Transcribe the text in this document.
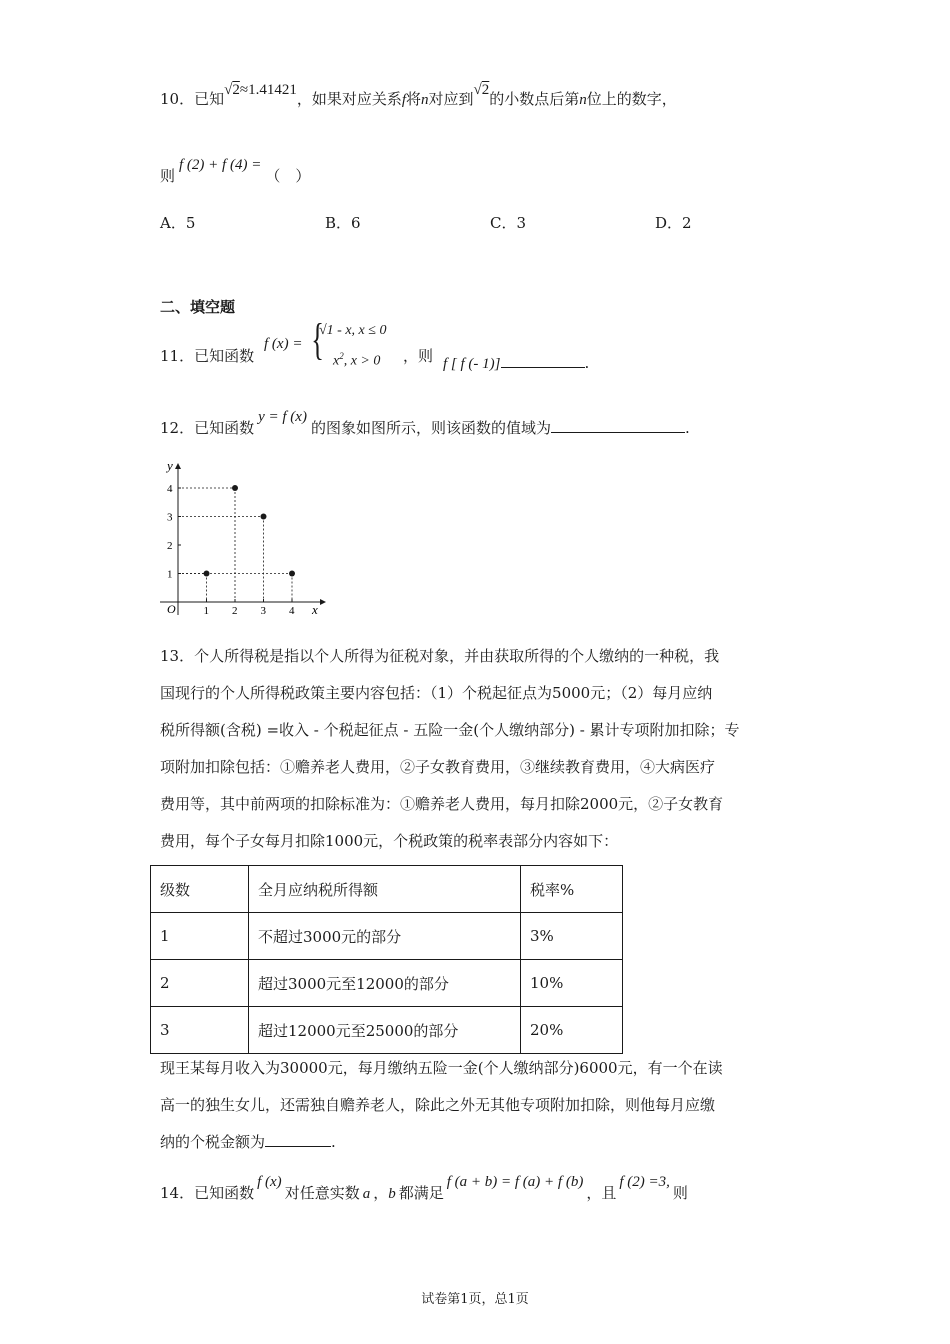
10．已知√2≈1.41421，如果对应关系f将n对应到√2的小数点后第n位上的数字，
则f (2) + f (4) =（　）
A．5	B．6	C．3	D．2
二、填空题
11．已知函数
f (x) = {
√1 - x, x ≤ 0
$x^2$, x > 0 ，则 f [ f (- 1)]	.
12．已知函数y = f (x)的图象如图所示，则该函数的值域为	.
y
x
O	1 2 3 4
1
2
3
4
13．个人所得税是指以个人所得为征税对象，并由获取所得的个人缴纳的一种税，我
国现行的个人所得税政策主要内容包括：（1）个税起征点为5000元；（2）每月应纳
税所得额(含税) =收入 - 个税起征点 - 五险一金(个人缴纳部分) - 累计专项附加扣除；专
项附加扣除包括：①赡养老人费用，②子女教育费用，③继续教育费用，④大病医疗
费用等，其中前两项的扣除标准为：①赡养老人费用，每月扣除2000元，②子女教育
费用，每个子女每月扣除1000元，个税政策的税率表部分内容如下：
级数	全月应纳税所得额	税率%
1	不超过3000元的部分	3%
2	超过3000元至12000的部分	10%
3	超过12000元至25000的部分	20%
现王某每月收入为30000元，每月缴纳五险一金(个人缴纳部分)6000元，有一个在读
高一的独生女儿，还需独自赡养老人，除此之外无其他专项附加扣除，则他每月应缴
纳的个税金额为	.
14．已知函数f (x)对任意实数 a ，b 都满足f (a + b) = f (a) + f (b)，且f (2) =3,则
试卷第1页，总1页
